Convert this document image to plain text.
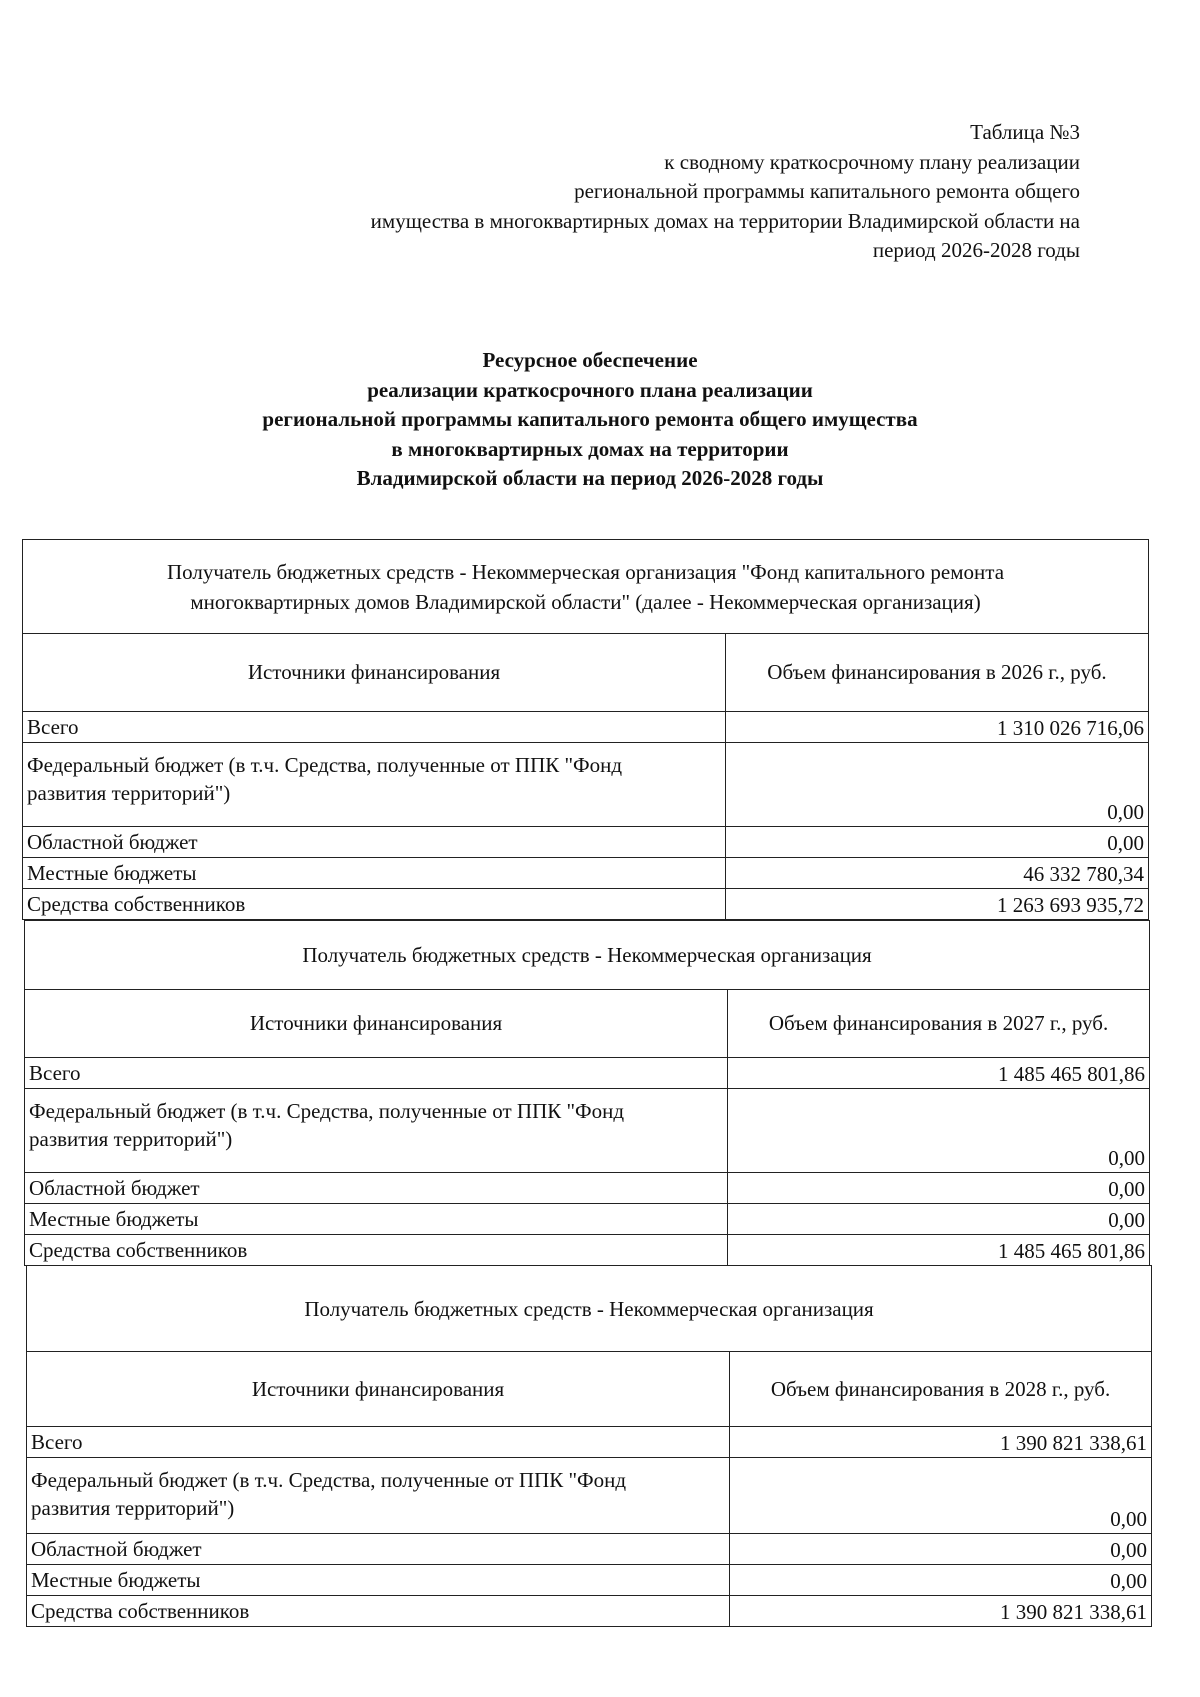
Таблица №3
к сводному краткосрочному плану реализации
региональной программы капитального ремонта общего
имущества в многоквартирных домах на территории Владимирской области на
период 2026-2028 годы
Ресурсное обеспечение
реализации краткосрочного плана реализации
региональной программы капитального ремонта общего имущества
в многоквартирных домах на территории
Владимирской области на период 2026-2028 годы
Получатель бюджетных средств - Некоммерческая организация "Фонд капитального ремонта
многоквартирных домов Владимирской области" (далее - Некоммерческая организация)	

Источники финансирования	Объем финансирования в 2026 г., руб.
Всего	1 310 026 716,06

Федеральный бюджет (в т.ч. Средства, полученные от ППК "Фонд
развития территорий")	0,00
Областной бюджет	0,00
Местные бюджеты	46 332 780,34
Средства собственников	1 263 693 935,72
Получатель бюджетных средств - Некоммерческая организация	

Источники финансирования	Объем финансирования в 2027 г., руб.
Всего	1 485 465 801,86

Федеральный бюджет (в т.ч. Средства, полученные от ППК "Фонд
развития территорий")	0,00
Областной бюджет	0,00
Местные бюджеты	0,00
Средства собственников	1 485 465 801,86
Получатель бюджетных средств - Некоммерческая организация	

Источники финансирования	Объем финансирования в 2028 г., руб.
Всего	1 390 821 338,61

Федеральный бюджет (в т.ч. Средства, полученные от ППК "Фонд
развития территорий")	0,00
Областной бюджет	0,00
Местные бюджеты	0,00
Средства собственников	1 390 821 338,61
